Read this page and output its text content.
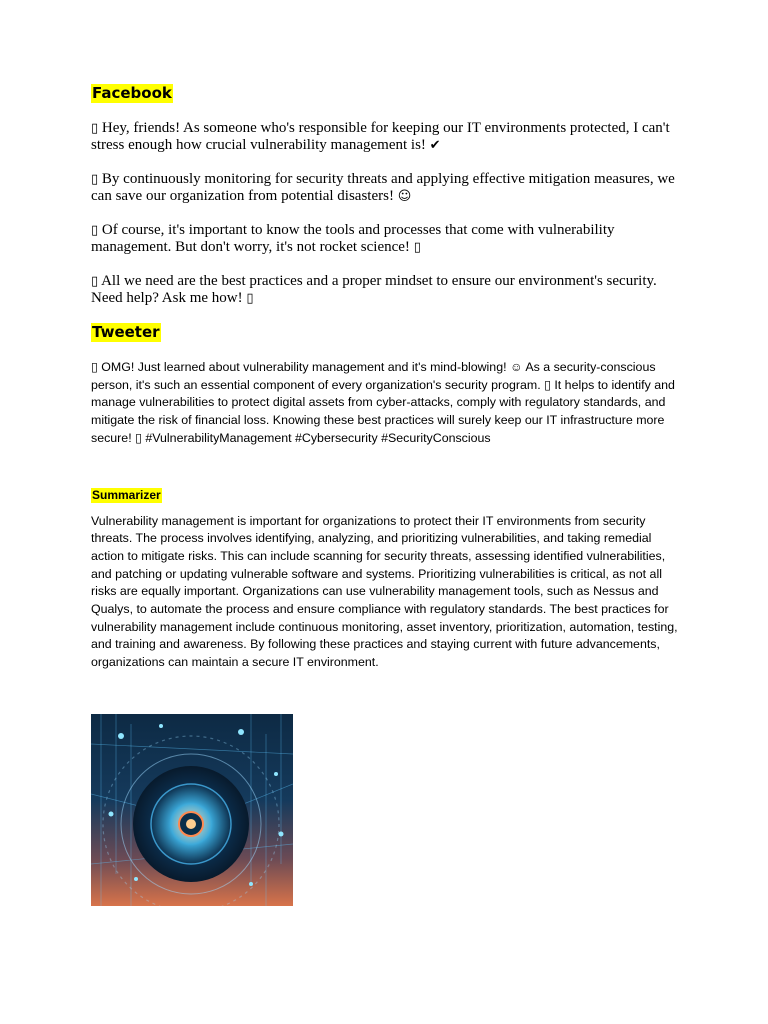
Facebook

▯ Hey, friends! As someone who's responsible for keeping our IT environments protected, I can't stress enough how crucial vulnerability management is! ✔

▯ By continuously monitoring for security threats and applying effective mitigation measures, we can save our organization from potential disasters! ☺

▯ Of course, it's important to know the tools and processes that come with vulnerability management. But don't worry, it's not rocket science! ▯

▯ All we need are the best practices and a proper mindset to ensure our environment's security. Need help? Ask me how! ▯

Tweeter

▯ OMG! Just learned about vulnerability management and it's mind-blowing! ☺ As a security-conscious person, it's such an essential component of every organization's security program. ▯ It helps to identify and manage vulnerabilities to protect digital assets from cyber-attacks, comply with regulatory standards, and mitigate the risk of financial loss. Knowing these best practices will surely keep our IT infrastructure more secure! ▯ #VulnerabilityManagement #Cybersecurity #SecurityConscious

Summarizer

Vulnerability management is important for organizations to protect their IT environments from security threats. The process involves identifying, analyzing, and prioritizing vulnerabilities, and taking remedial action to mitigate risks. This can include scanning for security threats, assessing identified vulnerabilities, and patching or updating vulnerable software and systems. Prioritizing vulnerabilities is critical, as not all risks are equally important. Organizations can use vulnerability management tools, such as Nessus and Qualys, to automate the process and ensure compliance with regulatory standards. The best practices for vulnerability management include continuous monitoring, asset inventory, prioritization, automation, testing, and training and awareness. By following these practices and staying current with future advancements, organizations can maintain a secure IT environment.
